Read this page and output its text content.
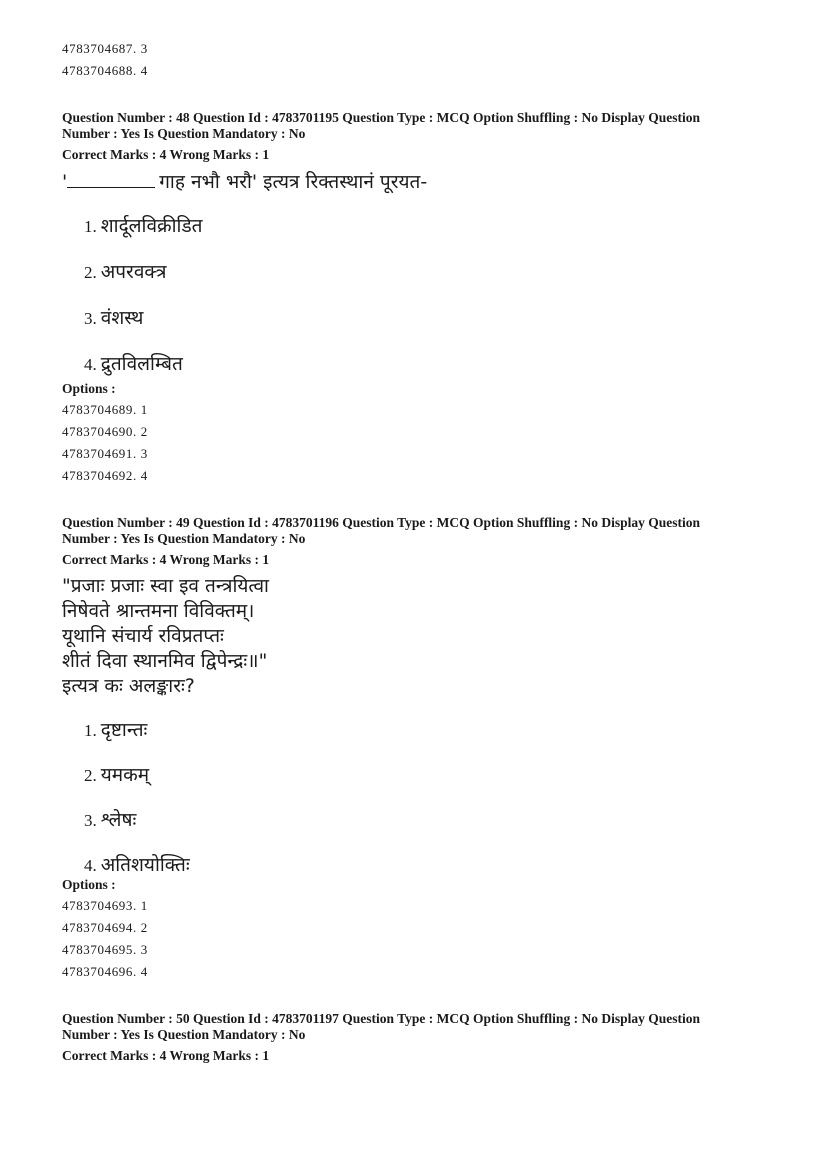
4783704687. 3
4783704688. 4
Question Number : 48 Question Id : 4783701195 Question Type : MCQ Option Shuffling : No Display Question
Number : Yes Is Question Mandatory : No
Correct Marks : 4 Wrong Marks : 1
'	गाह नभौ भरौ' इत्यत्र रिक्तस्थानं पूरयत-
1. शार्दूलविक्रीडित
2. अपरवक्त्र
3. वंशस्थ
4. द्रुतविलम्बित
Options :
4783704689. 1
4783704690. 2
4783704691. 3
4783704692. 4
Question Number : 49 Question Id : 4783701196 Question Type : MCQ Option Shuffling : No Display Question
Number : Yes Is Question Mandatory : No
Correct Marks : 4 Wrong Marks : 1
"प्रजाः प्रजाः स्वा इव तन्त्रयित्वा
निषेवते श्रान्तमना विविक्तम्।
यूथानि संचार्य रविप्रतप्तः
शीतं दिवा स्थानमिव द्विपेन्द्रः॥"
इत्यत्र कः अलङ्कारः?
1. दृष्टान्तः
2. यमकम्
3. श्लेषः
4. अतिशयोक्तिः
Options :
4783704693. 1
4783704694. 2
4783704695. 3
4783704696. 4
Question Number : 50 Question Id : 4783701197 Question Type : MCQ Option Shuffling : No Display Question
Number : Yes Is Question Mandatory : No
Correct Marks : 4 Wrong Marks : 1
